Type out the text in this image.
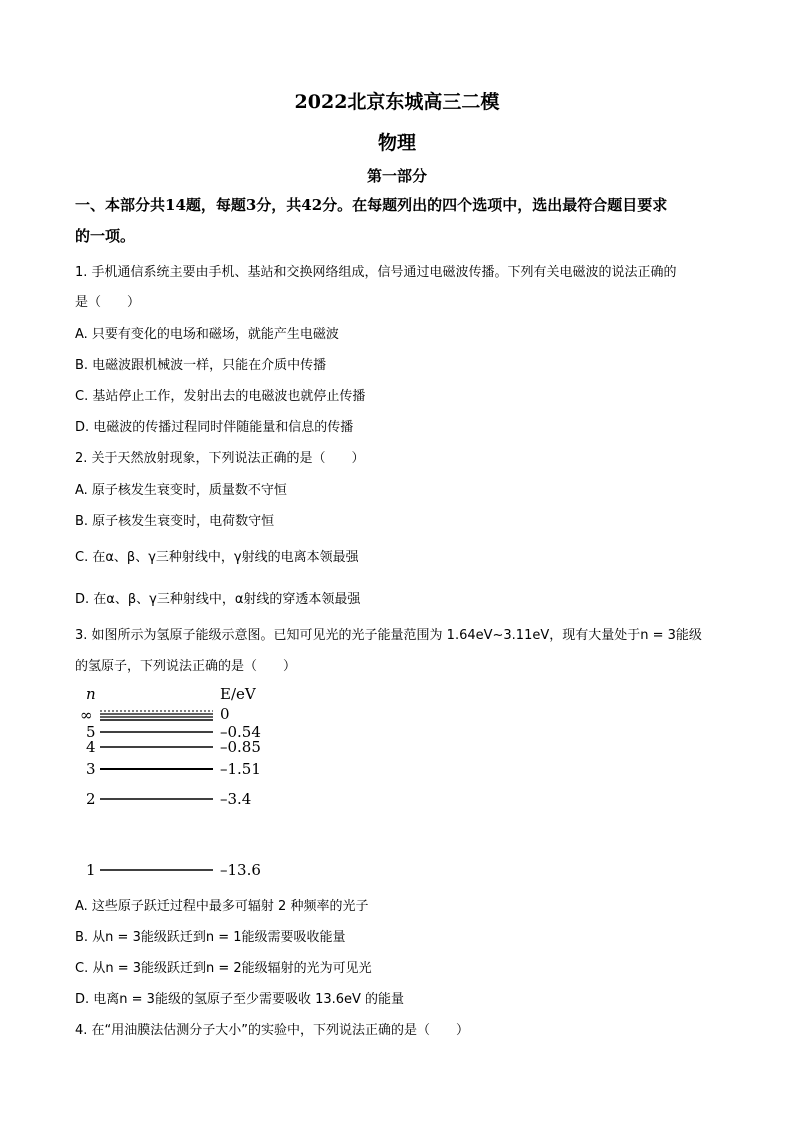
2022北京东城高三二模
物理
第一部分
一、本部分共14题，每题3分，共42分。在每题列出的四个选项中，选出最符合题目要求
的一项。
1. 手机通信系统主要由手机、基站和交换网络组成，信号通过电磁波传播。下列有关电磁波的说法正确的
是（　　）
A. 只要有变化的电场和磁场，就能产生电磁波
B. 电磁波跟机械波一样，只能在介质中传播
C. 基站停止工作，发射出去的电磁波也就停止传播
D. 电磁波的传播过程同时伴随能量和信息的传播
2. 关于天然放射现象，下列说法正确的是（　　）
A. 原子核发生衰变时，质量数不守恒
B. 原子核发生衰变时，电荷数守恒
C. 在α、β、γ三种射线中，γ射线的电离本领最强
D. 在α、β、γ三种射线中，α射线的穿透本领最强
3. 如图所示为氢原子能级示意图。已知可见光的光子能量范围为 1.64eV~3.11eV，现有大量处于n = 3能级
的氢原子，下列说法正确的是（　　）
n	E/eV
∞
5
4
3
2
1
0
–0.54
–0.85
–1.51
–3.4
–13.6
A. 这些原子跃迁过程中最多可辐射 2 种频率的光子
B. 从n = 3能级跃迁到n = 1能级需要吸收能量
C. 从n = 3能级跃迁到n = 2能级辐射的光为可见光
D. 电离n = 3能级的氢原子至少需要吸收 13.6eV 的能量
4. 在“用油膜法估测分子大小”的实验中，下列说法正确的是（　　）
